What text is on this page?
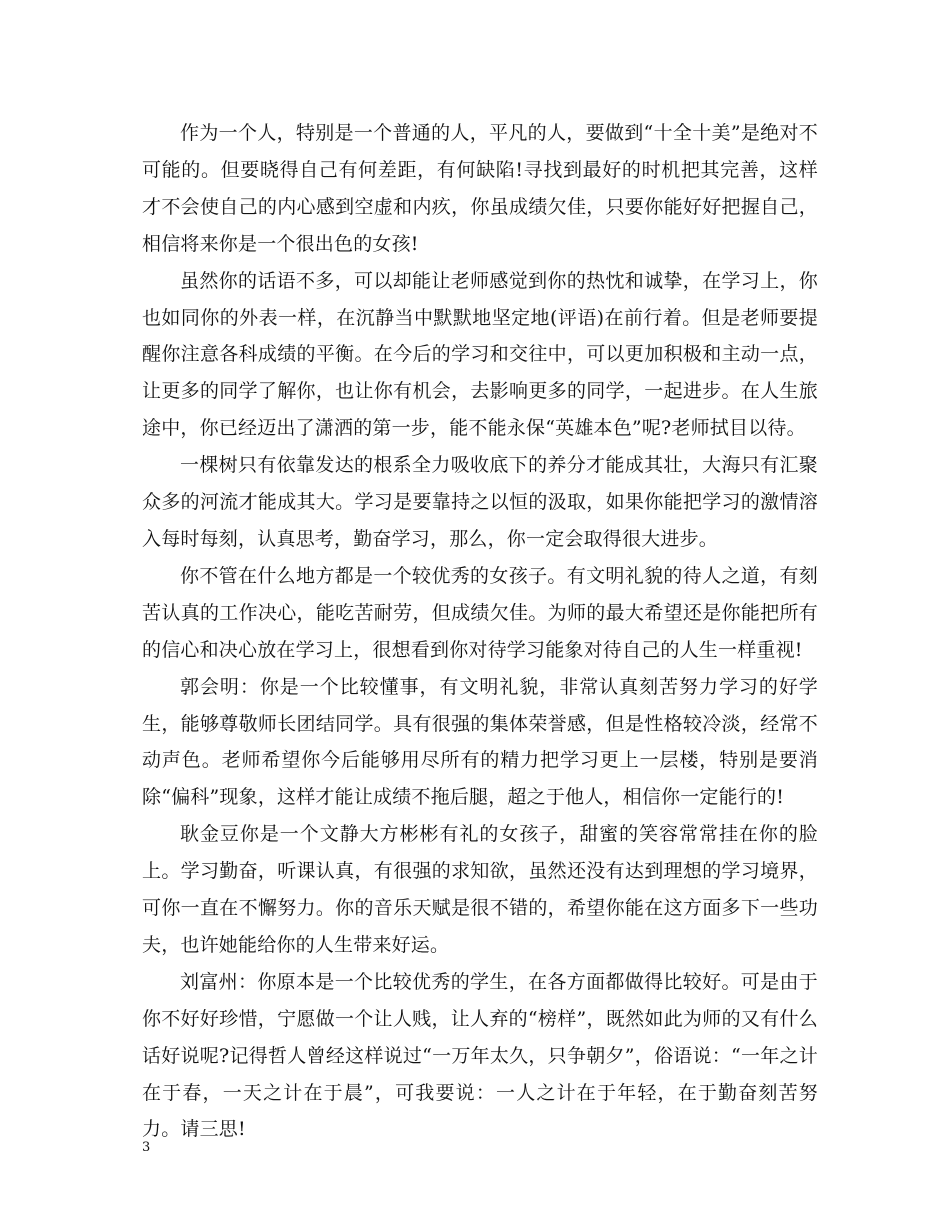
作为一个人，特别是一个普通的人，平凡的人，要做到“十全十美”是绝对不可能的。但要晓得自己有何差距，有何缺陷!寻找到最好的时机把其完善，这样才不会使自己的内心感到空虚和内疚，你虽成绩欠佳，只要你能好好把握自己，相信将来你是一个很出色的女孩!

虽然你的话语不多，可以却能让老师感觉到你的热忱和诚挚，在学习上，你也如同你的外表一样，在沉静当中默默地坚定地(评语)在前行着。但是老师要提醒你注意各科成绩的平衡。在今后的学习和交往中，可以更加积极和主动一点，让更多的同学了解你，也让你有机会，去影响更多的同学，一起进步。在人生旅途中，你已经迈出了潇洒的第一步，能不能永保“英雄本色”呢?老师拭目以待。

一棵树只有依靠发达的根系全力吸收底下的养分才能成其壮，大海只有汇聚众多的河流才能成其大。学习是要靠持之以恒的汲取，如果你能把学习的激情溶入每时每刻，认真思考，勤奋学习，那么，你一定会取得很大进步。

你不管在什么地方都是一个较优秀的女孩子。有文明礼貌的待人之道，有刻苦认真的工作决心，能吃苦耐劳，但成绩欠佳。为师的最大希望还是你能把所有的信心和决心放在学习上，很想看到你对待学习能象对待自己的人生一样重视!

郭会明：你是一个比较懂事，有文明礼貌，非常认真刻苦努力学习的好学生，能够尊敬师长团结同学。具有很强的集体荣誉感，但是性格较冷淡，经常不动声色。老师希望你今后能够用尽所有的精力把学习更上一层楼，特别是要消除“偏科”现象，这样才能让成绩不拖后腿，超之于他人，相信你一定能行的!

耿金豆你是一个文静大方彬彬有礼的女孩子，甜蜜的笑容常常挂在你的脸上。学习勤奋，听课认真，有很强的求知欲，虽然还没有达到理想的学习境界，可你一直在不懈努力。你的音乐天赋是很不错的，希望你能在这方面多下一些功夫，也许她能给你的人生带来好运。

刘富州：你原本是一个比较优秀的学生，在各方面都做得比较好。可是由于你不好好珍惜，宁愿做一个让人贱，让人弃的“榜样”，既然如此为师的又有什么话好说呢?记得哲人曾经这样说过“一万年太久，只争朝夕”，俗语说：“一年之计在于春，一天之计在于晨”，可我要说：一人之计在于年轻，在于勤奋刻苦努力。请三思!

3
